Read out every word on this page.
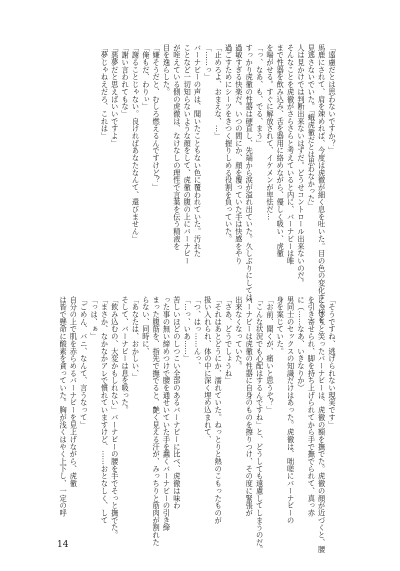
「遠慮だとは思わないですか？」
馬鹿にされて、肩を竦めれば、今度は虎徹が細く息を吐いた。目の色の変化する様を、
見逃さないでいた。「蛾虎徹だとは思わなかった」
人は見かけでは判断出来ないはずだ。どうせコントロール出来ないのだ。
そんなことを虎徹がさらさらと考えていると内に、バーナビーは唯
まで性器を飲み込み、舌を器用に絡めながら、優しく吸い、虎徹
を喘がせる。すぐに解放されて、イケメンが卑怯だ…
「っ、なあ、も、でる、まう」
すっかり虎徹の性器は硬直し、先端から涙が溢れ出ていた。久しぶりにしては、
過敏すぎる快楽だ。いつの間にか、顔を覆っていた手は快感をやり
過ごすためにシーツをきつく握りしめる役割を負っていた。
「止めろよ、おまえな、…」
「……っ」
バーナビーの声は、聞いたこともない色に覆われていた。汚れた
ことなど一切知らないような顔をして、虎徹の腹の上にバーナビー
が咥えている側の虎徹は、なけなしの理性で言葉を伝う精液を
目を逸らした。
「嫌そうだと、むしろ燃えるんですけど？」
「俺もだ、わりぃ」
「謝ることじゃない。良ければあなたなんて、還びません」
「謝い言われてもな」
「悪夢だと思えばいいですよ」
「夢じゃねえだろ、これは」
「そうですね、逃げられない現実です」
にっこりと笑ったバーナビーは、虎徹の額を撫でた。虎徹の顔が近づくと、腰
を引き寄せられ、脚を持ち上げられてから手で撫でられて、真っ赤
に（……なあ、いきなりか）
男同士のセックスの知識だけはあった。虎徹は、咄嗟にバーナビーの
身を案じていた。
「お前、聞くが、痛いと思うぞ？」
「こんな状況でも心配はするんですね」と、どうしても遠慮してしまうのだ。
バーナビーは虎徹の性器に自身のものを擦りつけ、その度に緊張が
出来なくなっていた。
「さあ、どうでしょうね」
「それはあとどうにか、濡れていた。ねっとりと熱のこもったものが
扱い入れられ、体の中に深く埋め込まれて、
「つ、はっ……んっ、
「…っ、いあ……」
苦しいほどのしつこい全部のあるバーナビーに比べ、虎徹は味わ
った事の無い締めつけで腰を通せいていた手を蠢くバーナビーの引き締
まった腹筋を、指先で撫でると、艶く見える汗が、みっちりと筋肉が割れた
らない、同時に、
「あなたは、おかしい、」
そして、バーナビーは息を吸った。
「飲み込むの、大変かもしれない」バーナビーの腰を手でそっと撫でた。
「まさか、なかなかアレで慣れていますけど、……おとなしく、して
「っは、ぁ」
「ごめん、バニ、なんて、言うなって」
自分の上で肌を赤らめるバーナビーを見上げながら、虎徹
は皆で懸命に酸素を貪っていた。胸が浅くはやく上下し、一定の呼
14
